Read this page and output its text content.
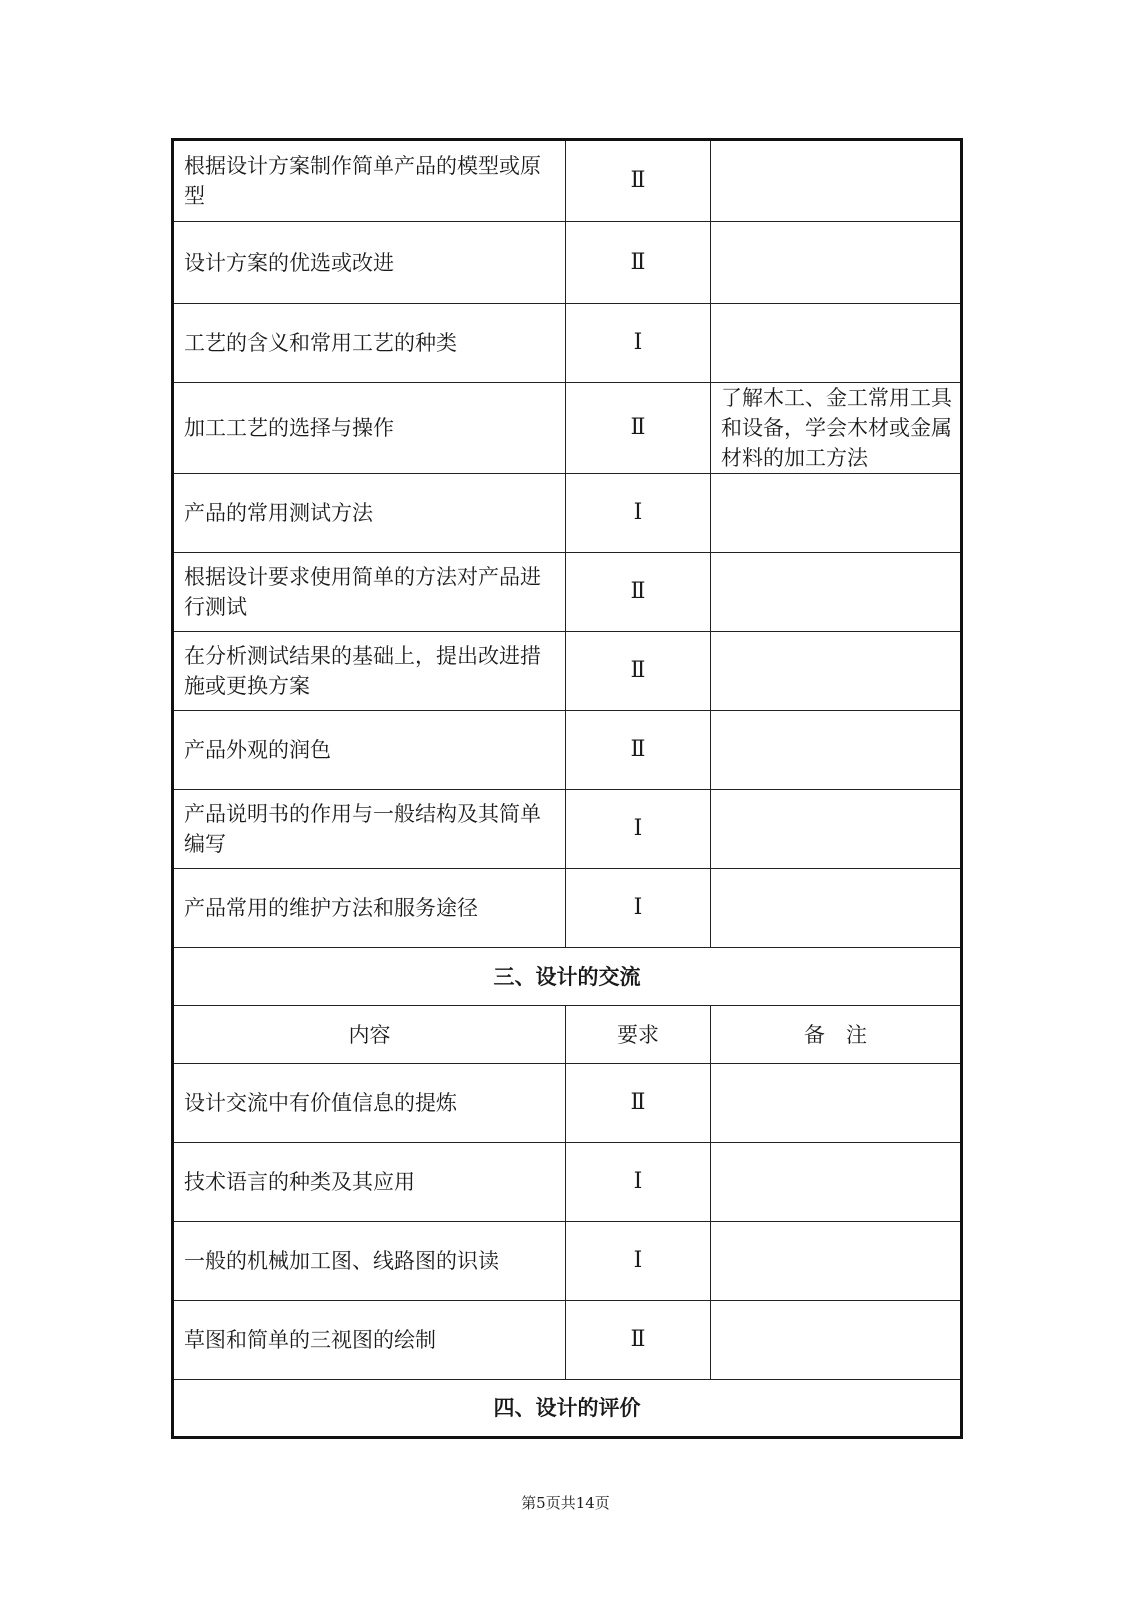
根据设计方案制作简单产品的模型或原型	Ⅱ	
设计方案的优选或改进	Ⅱ	
工艺的含义和常用工艺的种类	Ⅰ	
加工工艺的选择与操作	Ⅱ	了解木工、金工常用工具和设备，学会木材或金属材料的加工方法
产品的常用测试方法	Ⅰ	
根据设计要求使用简单的方法对产品进行测试	Ⅱ	
在分析测试结果的基础上，提出改进措施或更换方案	Ⅱ	
产品外观的润色	Ⅱ	
产品说明书的作用与一般结构及其简单编写	Ⅰ	
产品常用的维护方法和服务途径	Ⅰ	
三、设计的交流		
内容	要求	备　注
设计交流中有价值信息的提炼	Ⅱ	
技术语言的种类及其应用	Ⅰ	
一般的机械加工图、线路图的识读	Ⅰ	
草图和简单的三视图的绘制	Ⅱ	
四、设计的评价		
第5页共14页
